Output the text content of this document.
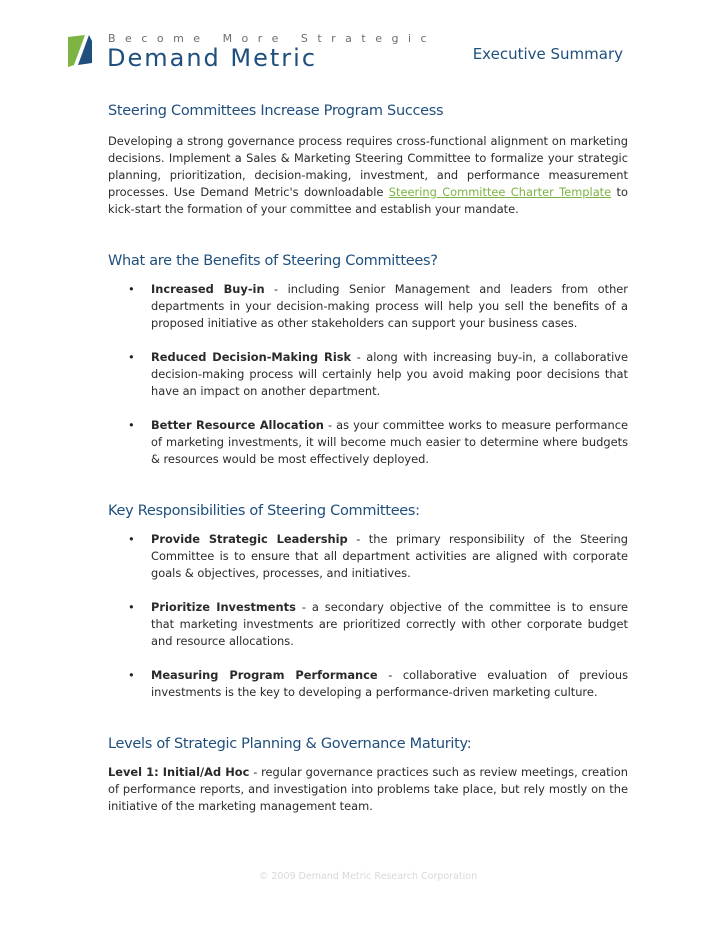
Become More Strategic
Demand Metric	Executive Summary
Steering Committees Increase Program Success

Developing a strong governance process requires cross-functional alignment on marketing decisions. Implement a Sales & Marketing Steering Committee to formalize your strategic planning, prioritization, decision-making, investment, and performance measurement processes. Use Demand Metric's downloadable Steering Committee Charter Template to kick-start the formation of your committee and establish your mandate.

What are the Benefits of Steering Committees?
• Increased Buy-in - including Senior Management and leaders from other departments in your decision-making process will help you sell the benefits of a proposed initiative as other stakeholders can support your business cases.

• Reduced Decision-Making Risk - along with increasing buy-in, a collaborative decision-making process will certainly help you avoid making poor decisions that have an impact on another department.

• Better Resource Allocation - as your committee works to measure performance of marketing investments, it will become much easier to determine where budgets & resources would be most effectively deployed.

Key Responsibilities of Steering Committees:
• Provide Strategic Leadership - the primary responsibility of the Steering Committee is to ensure that all department activities are aligned with corporate goals & objectives, processes, and initiatives.

• Prioritize Investments - a secondary objective of the committee is to ensure that marketing investments are prioritized correctly with other corporate budget and resource allocations.

• Measuring Program Performance - collaborative evaluation of previous investments is the key to developing a performance-driven marketing culture.

Levels of Strategic Planning & Governance Maturity:

Level 1: Initial/Ad Hoc - regular governance practices such as review meetings, creation of performance reports, and investigation into problems take place, but rely mostly on the initiative of the marketing management team.

© 2009 Demand Metric Research Corporation
